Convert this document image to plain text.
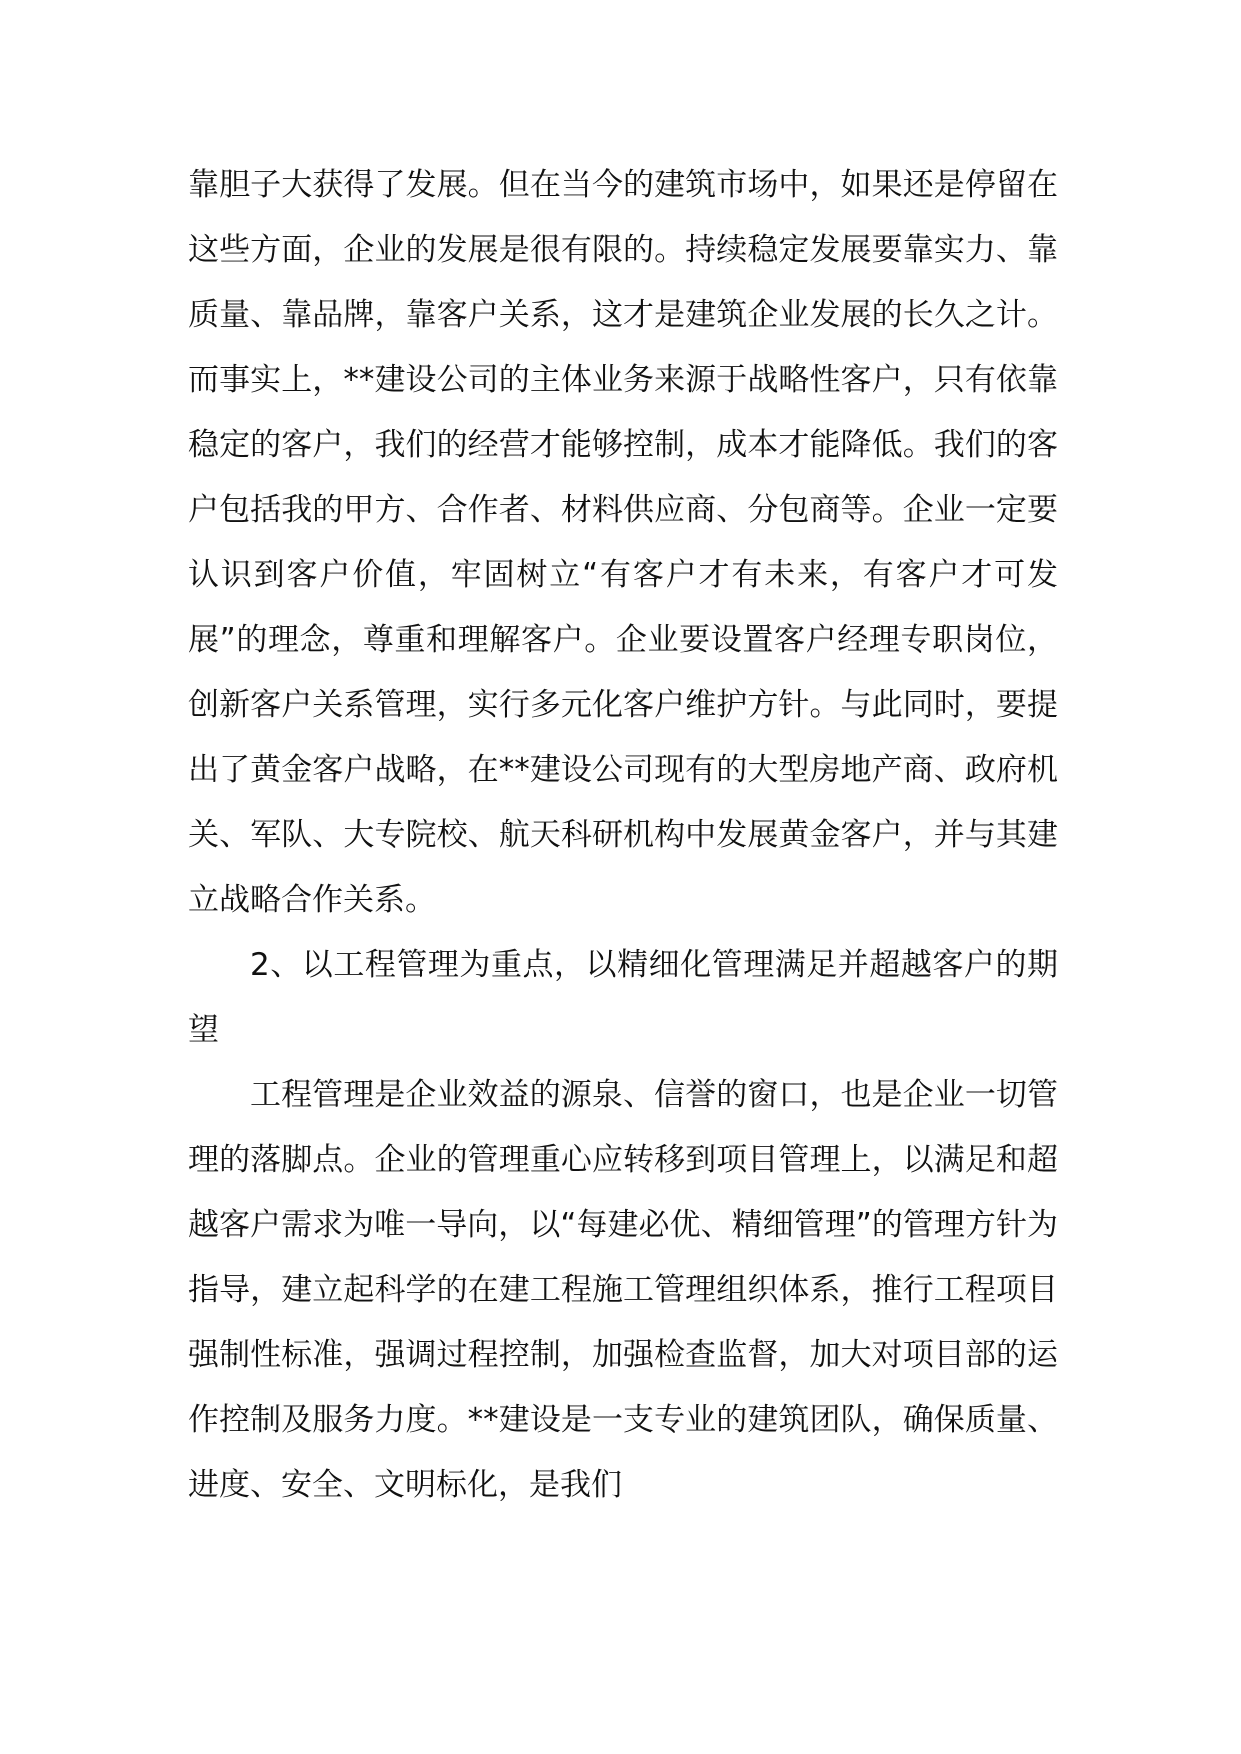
靠胆子大获得了发展。但在当今的建筑市场中，如果还是停留在这些方面，企业的发展是很有限的。持续稳定发展要靠实力、靠质量、靠品牌，靠客户关系，这才是建筑企业发展的长久之计。而事实上，**建设公司的主体业务来源于战略性客户，只有依靠稳定的客户，我们的经营才能够控制，成本才能降低。我们的客户包括我的甲方、合作者、材料供应商、分包商等。企业一定要认识到客户价值，牢固树立“有客户才有未来，有客户才可发展”的理念，尊重和理解客户。企业要设置客户经理专职岗位，创新客户关系管理，实行多元化客户维护方针。与此同时，要提出了黄金客户战略，在**建设公司现有的大型房地产商、政府机关、军队、大专院校、航天科研机构中发展黄金客户，并与其建立战略合作关系。

2、以工程管理为重点，以精细化管理满足并超越客户的期望

工程管理是企业效益的源泉、信誉的窗口，也是企业一切管理的落脚点。企业的管理重心应转移到项目管理上，以满足和超越客户需求为唯一导向，以“每建必优、精细管理”的管理方针为指导，建立起科学的在建工程施工管理组织体系，推行工程项目强制性标准，强调过程控制，加强检查监督，加大对项目部的运作控制及服务力度。**建设是一支专业的建筑团队，确保质量、进度、安全、文明标化，是我们
